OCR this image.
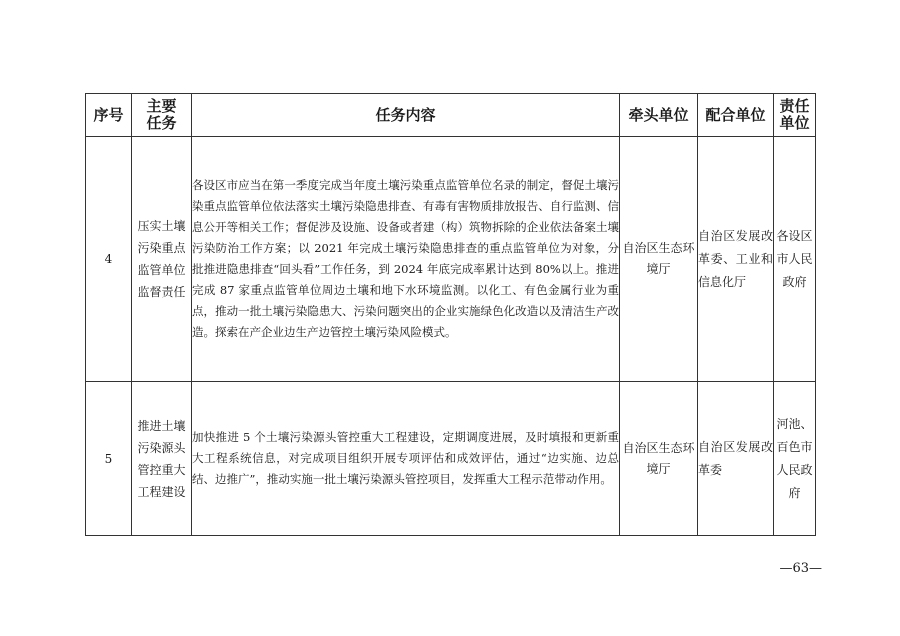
序号	主要任务	任务内容	牵头单位	配合单位	责任单位
4	压实土壤污染重点监管单位监督责任	各设区市应当在第一季度完成当年度土壤污染重点监管单位名录的制定，督促土壤污染重点监管单位依法落实土壤污染隐患排查、有毒有害物质排放报告、自行监测、信息公开等相关工作；督促涉及设施、设备或者建（构）筑物拆除的企业依法备案土壤污染防治工作方案；以 2021 年完成土壤污染隐患排查的重点监管单位为对象，分批推进隐患排查“回头看”工作任务，到 2024 年底完成率累计达到 80%以上。推进完成 87 家重点监管单位周边土壤和地下水环境监测。以化工、有色金属行业为重点，推动一批土壤污染隐患大、污染问题突出的企业实施绿色化改造以及清洁生产改造。探索在产企业边生产边管控土壤污染风险模式。	自治区生态环境厅	自治区发展改革委、工业和信息化厅	各设区市人民政府
5	推进土壤污染源头管控重大工程建设	加快推进 5 个土壤污染源头管控重大工程建设，定期调度进展，及时填报和更新重大工程系统信息，对完成项目组织开展专项评估和成效评估，通过“边实施、边总结、边推广”，推动实施一批土壤污染源头管控项目，发挥重大工程示范带动作用。	自治区生态环境厅	自治区发展改革委	河池、百色市人民政府
—63—
